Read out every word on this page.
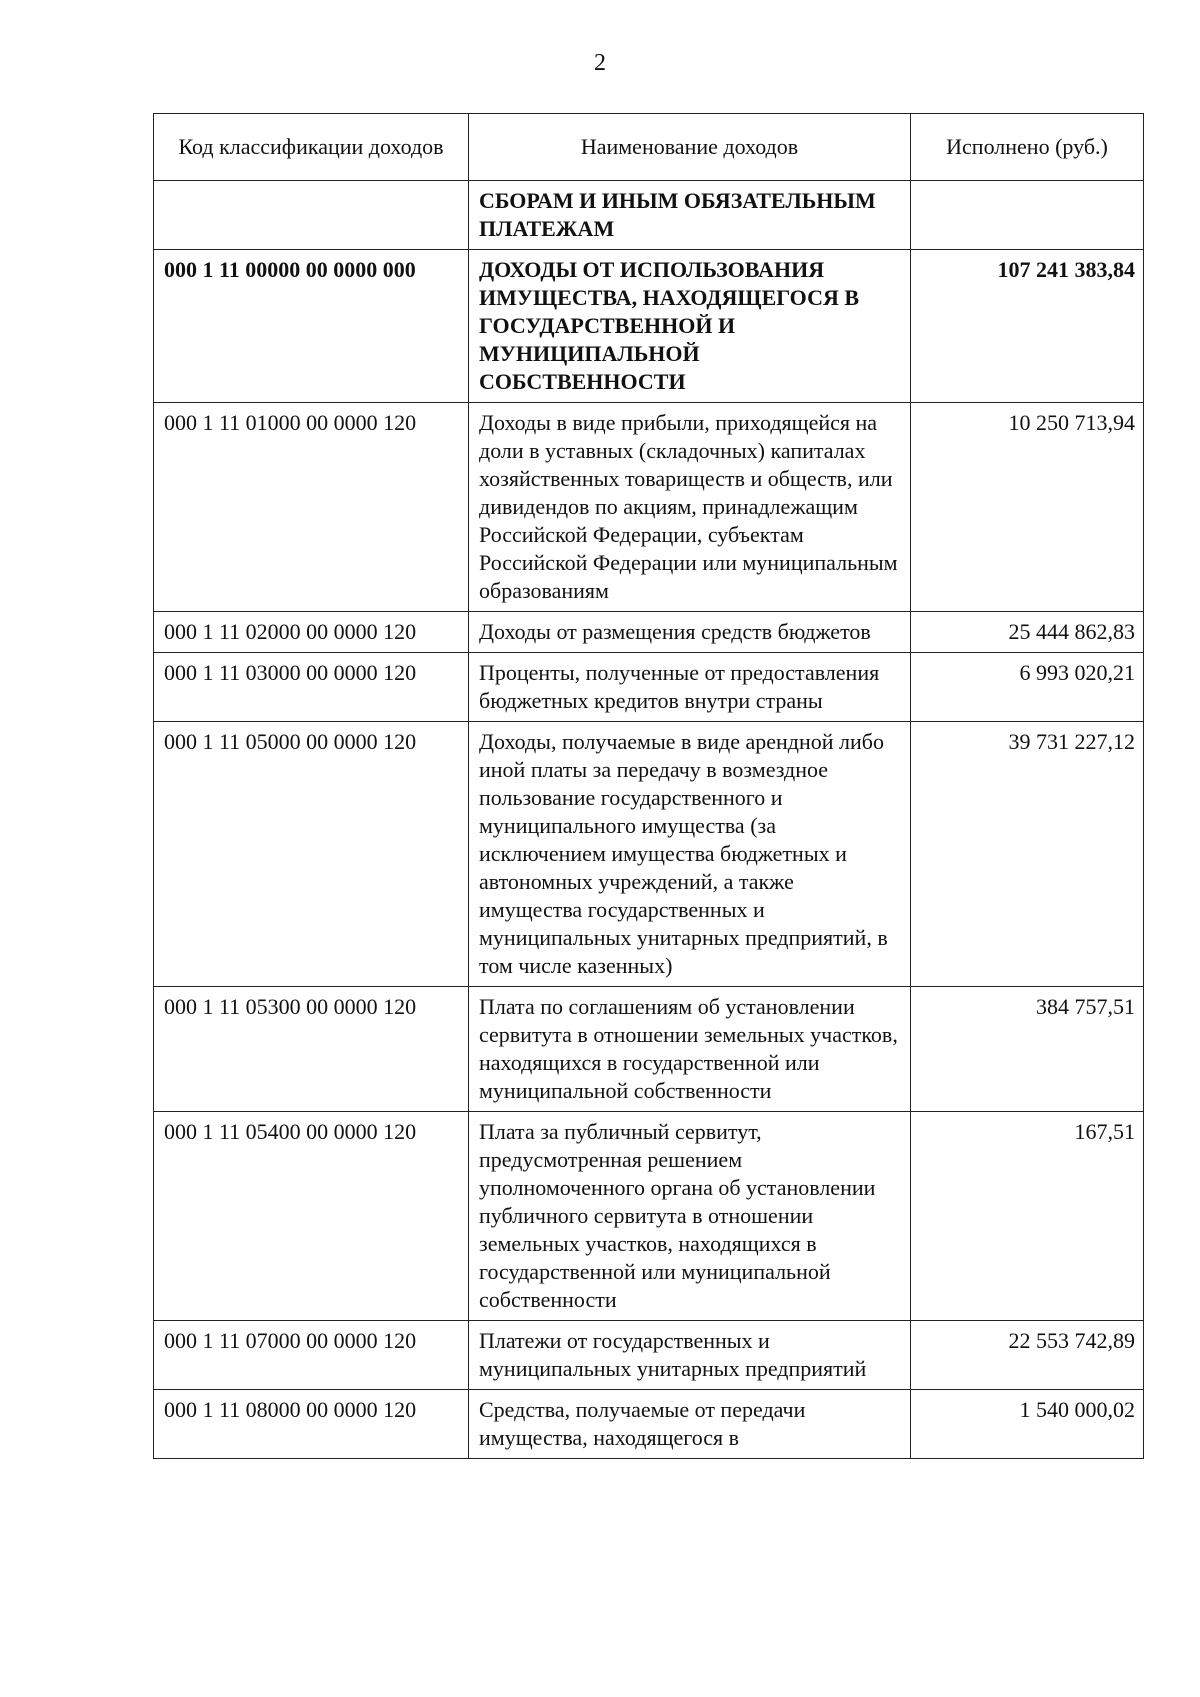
2
Код классификации доходов	Наименование доходов	Исполнено (руб.)
	СБОРАМ И ИНЫМ ОБЯЗАТЕЛЬНЫМ ПЛАТЕЖАМ	
000 1 11 00000 00 0000 000	ДОХОДЫ ОТ ИСПОЛЬЗОВАНИЯ ИМУЩЕСТВА, НАХОДЯЩЕГОСЯ В ГОСУДАРСТВЕННОЙ И МУНИЦИПАЛЬНОЙ СОБСТВЕННОСТИ	107 241 383,84
000 1 11 01000 00 0000 120	Доходы в виде прибыли, приходящейся на доли в уставных (складочных) капиталах хозяйственных товариществ и обществ, или дивидендов по акциям, принадлежащим Российской Федерации, субъектам Российской Федерации или муниципальным образованиям	10 250 713,94
000 1 11 02000 00 0000 120	Доходы от размещения средств бюджетов	25 444 862,83
000 1 11 03000 00 0000 120	Проценты, полученные от предоставления бюджетных кредитов внутри страны	6 993 020,21
000 1 11 05000 00 0000 120	Доходы, получаемые в виде арендной либо иной платы за передачу в возмездное пользование государственного и муниципального имущества (за исключением имущества бюджетных и автономных учреждений, а также имущества государственных и муниципальных унитарных предприятий, в том числе казенных)	39 731 227,12
000 1 11 05300 00 0000 120	Плата по соглашениям об установлении сервитута в отношении земельных участков, находящихся в государственной или муниципальной собственности	384 757,51
000 1 11 05400 00 0000 120	Плата за публичный сервитут, предусмотренная решением уполномоченного органа об установлении публичного сервитута в отношении земельных участков, находящихся в государственной или муниципальной собственности	167,51
000 1 11 07000 00 0000 120	Платежи от государственных и муниципальных унитарных предприятий	22 553 742,89
000 1 11 08000 00 0000 120	Средства, получаемые от передачи имущества, находящегося в	1 540 000,02
